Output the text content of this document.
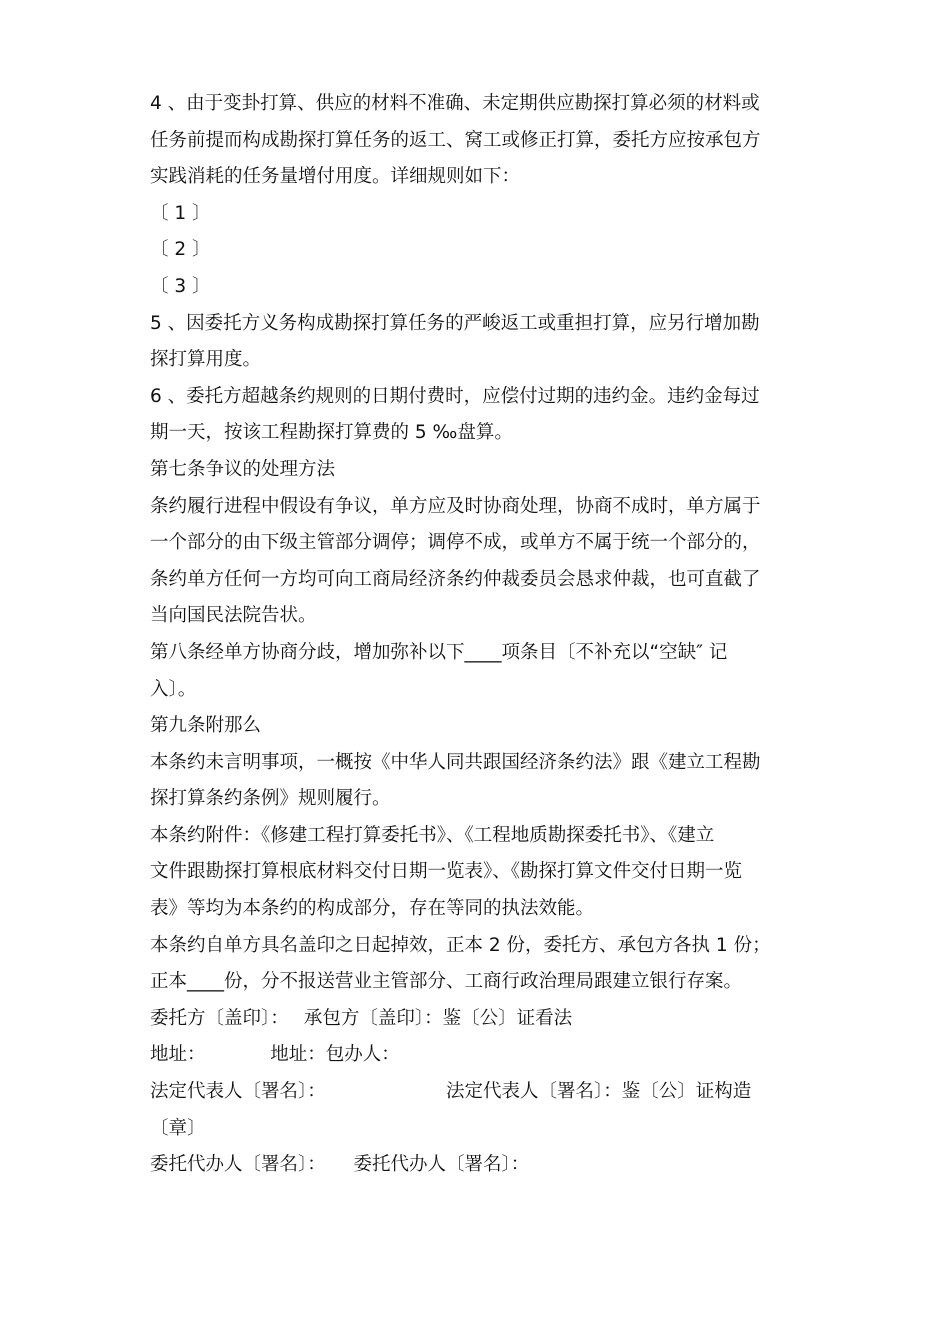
4 、由于变卦打算、供应的材料不准确、未定期供应勘探打算必须的材料或
任务前提而构成勘探打算任务的返工、窝工或修正打算，委托方应按承包方
实践消耗的任务量增付用度。详细规则如下：
〔 1 〕
〔 2 〕
〔 3 〕
5 、因委托方义务构成勘探打算任务的严峻返工或重担打算，应另行增加勘
探打算用度。
6 、委托方超越条约规则的日期付费时，应偿付过期的违约金。违约金每过
期一天，按该工程勘探打算费的 5 ‰盘算。
第七条争议的处理方法
条约履行进程中假设有争议，单方应及时协商处理，协商不成时，单方属于
一个部分的由下级主管部分调停；调停不成，或单方不属于统一个部分的，
条约单方任何一方均可向工商局经济条约仲裁委员会恳求仲裁，也可直截了
当向国民法院告状。
第八条经单方协商分歧，增加弥补以下____项条目〔不补充以“空缺″ 记
入〕。
第九条附那么
本条约未言明事项，一概按《中华人同共跟国经济条约法》跟《建立工程勘
探打算条约条例》规则履行。
本条约附件：《修建工程打算委托书》、《工程地质勘探委托书》、《建立
文件跟勘探打算根底材料交付日期一览表》、《勘探打算文件交付日期一览
表》等均为本条约的构成部分，存在等同的执法效能。
本条约自单方具名盖印之日起掉效，正本 2 份，委托方、承包方各执 1 份；
正本____份，分不报送营业主管部分、工商行政治理局跟建立银行存案。
委托方〔盖印〕：　 承包方〔盖印〕：鉴〔公〕证看法
地址：　　　　地址：包办人：
法定代表人〔署名〕：　　　　　　　法定代表人〔署名〕：鉴〔公〕证构造
〔章〕
委托代办人〔署名〕：　　委托代办人〔署名〕：
